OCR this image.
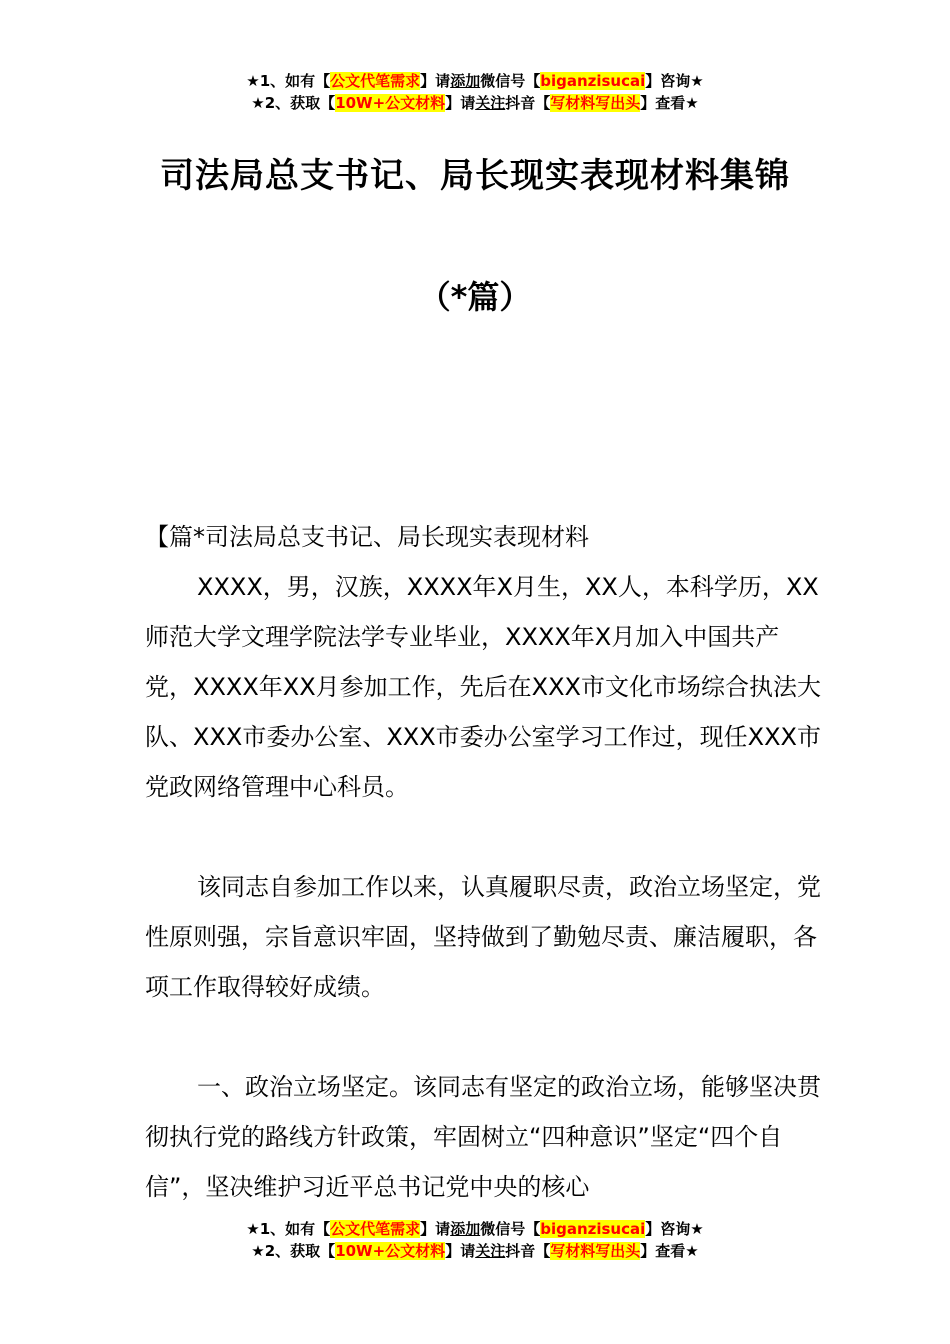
★1、如有【公文代笔需求】请添加微信号【biganzisucai】咨询★
★2、获取【10W+公文材料】请关注抖音【写材料写出头】查看★
司法局总支书记、局长现实表现材料集锦
（*篇）

【篇*司法局总支书记、局长现实表现材料

XXXX，男，汉族，XXXX年X月生，XX人，本科学历，XX师范大学文理学院法学专业毕业，XXXX年X月加入中国共产党，XXXX年XX月参加工作，先后在XXX市文化市场综合执法大队、XXX市委办公室、XXX市委办公室学习工作过，现任XXX市党政网络管理中心科员。

该同志自参加工作以来，认真履职尽责，政治立场坚定，党性原则强，宗旨意识牢固，坚持做到了勤勉尽责、廉洁履职，各项工作取得较好成绩。

一、政治立场坚定。该同志有坚定的政治立场，能够坚决贯彻执行党的路线方针政策，牢固树立“四种意识”坚定“四个自信”，坚决维护习近平总书记党中央的核心

★1、如有【公文代笔需求】请添加微信号【biganzisucai】咨询★
★2、获取【10W+公文材料】请关注抖音【写材料写出头】查看★
